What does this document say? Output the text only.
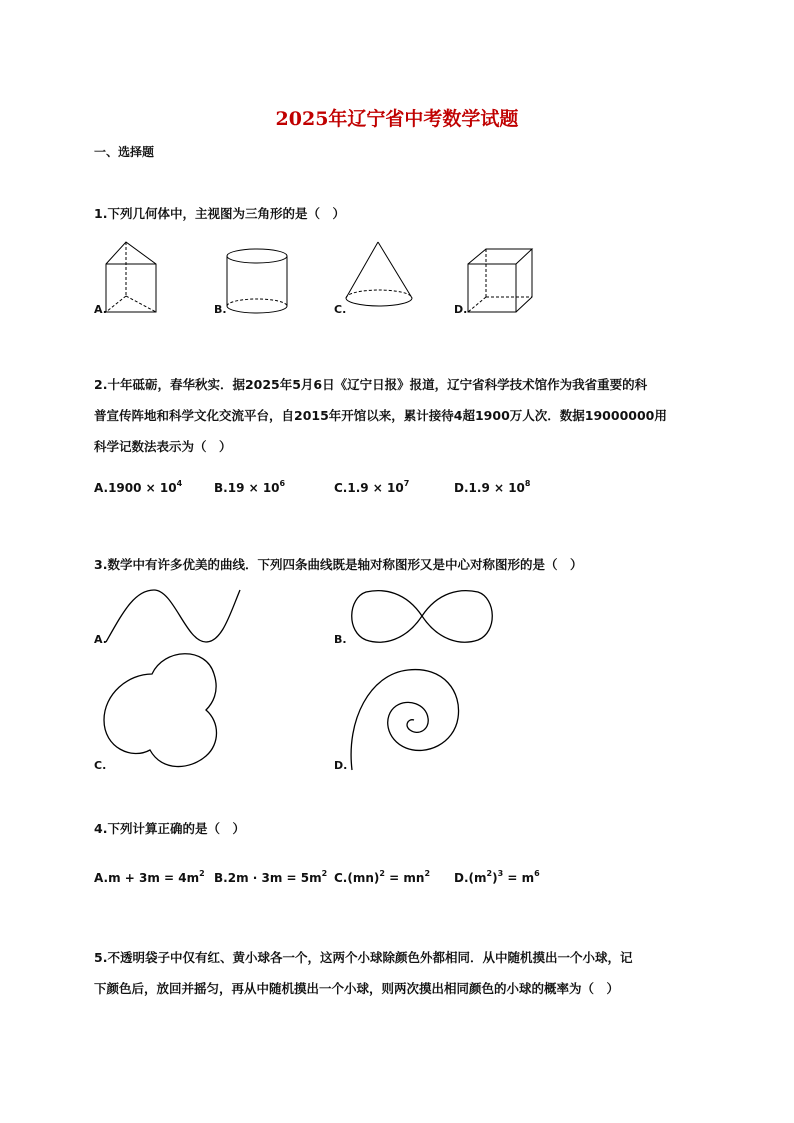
2025年辽宁省中考数学试题
一、选择题
1.下列几何体中，主视图为三角形的是（　）
A.	B.	C.	D.
2.十年砥砺，春华秋实．据2025年5月6日《辽宁日报》报道，辽宁省科学技术馆作为我省重要的科
普宣传阵地和科学文化交流平台，自2015年开馆以来，累计接待4超1900万人次．数据19000000用
科学记数法表示为（　）
$A.1900 \times 10^4$	$B.19 \times 10^6$	$C.1.9 \times 10^7$	$D.1.9 \times 10^8$
3.数学中有许多优美的曲线．下列四条曲线既是轴对称图形又是中心对称图形的是（　）
A.	B.
C.	D.
4.下列计算正确的是（　）
$A.m + 3m = 4m^2$ $B.2m \cdot 3m = 5m^2$ $C.(mn)^2 = mn^2$ $D.(m^2)^3 = m^6$
5.不透明袋子中仅有红、黄小球各一个，这两个小球除颜色外都相同．从中随机摸出一个小球，记
下颜色后，放回并摇匀，再从中随机摸出一个小球，则两次摸出相同颜色的小球的概率为（　）
